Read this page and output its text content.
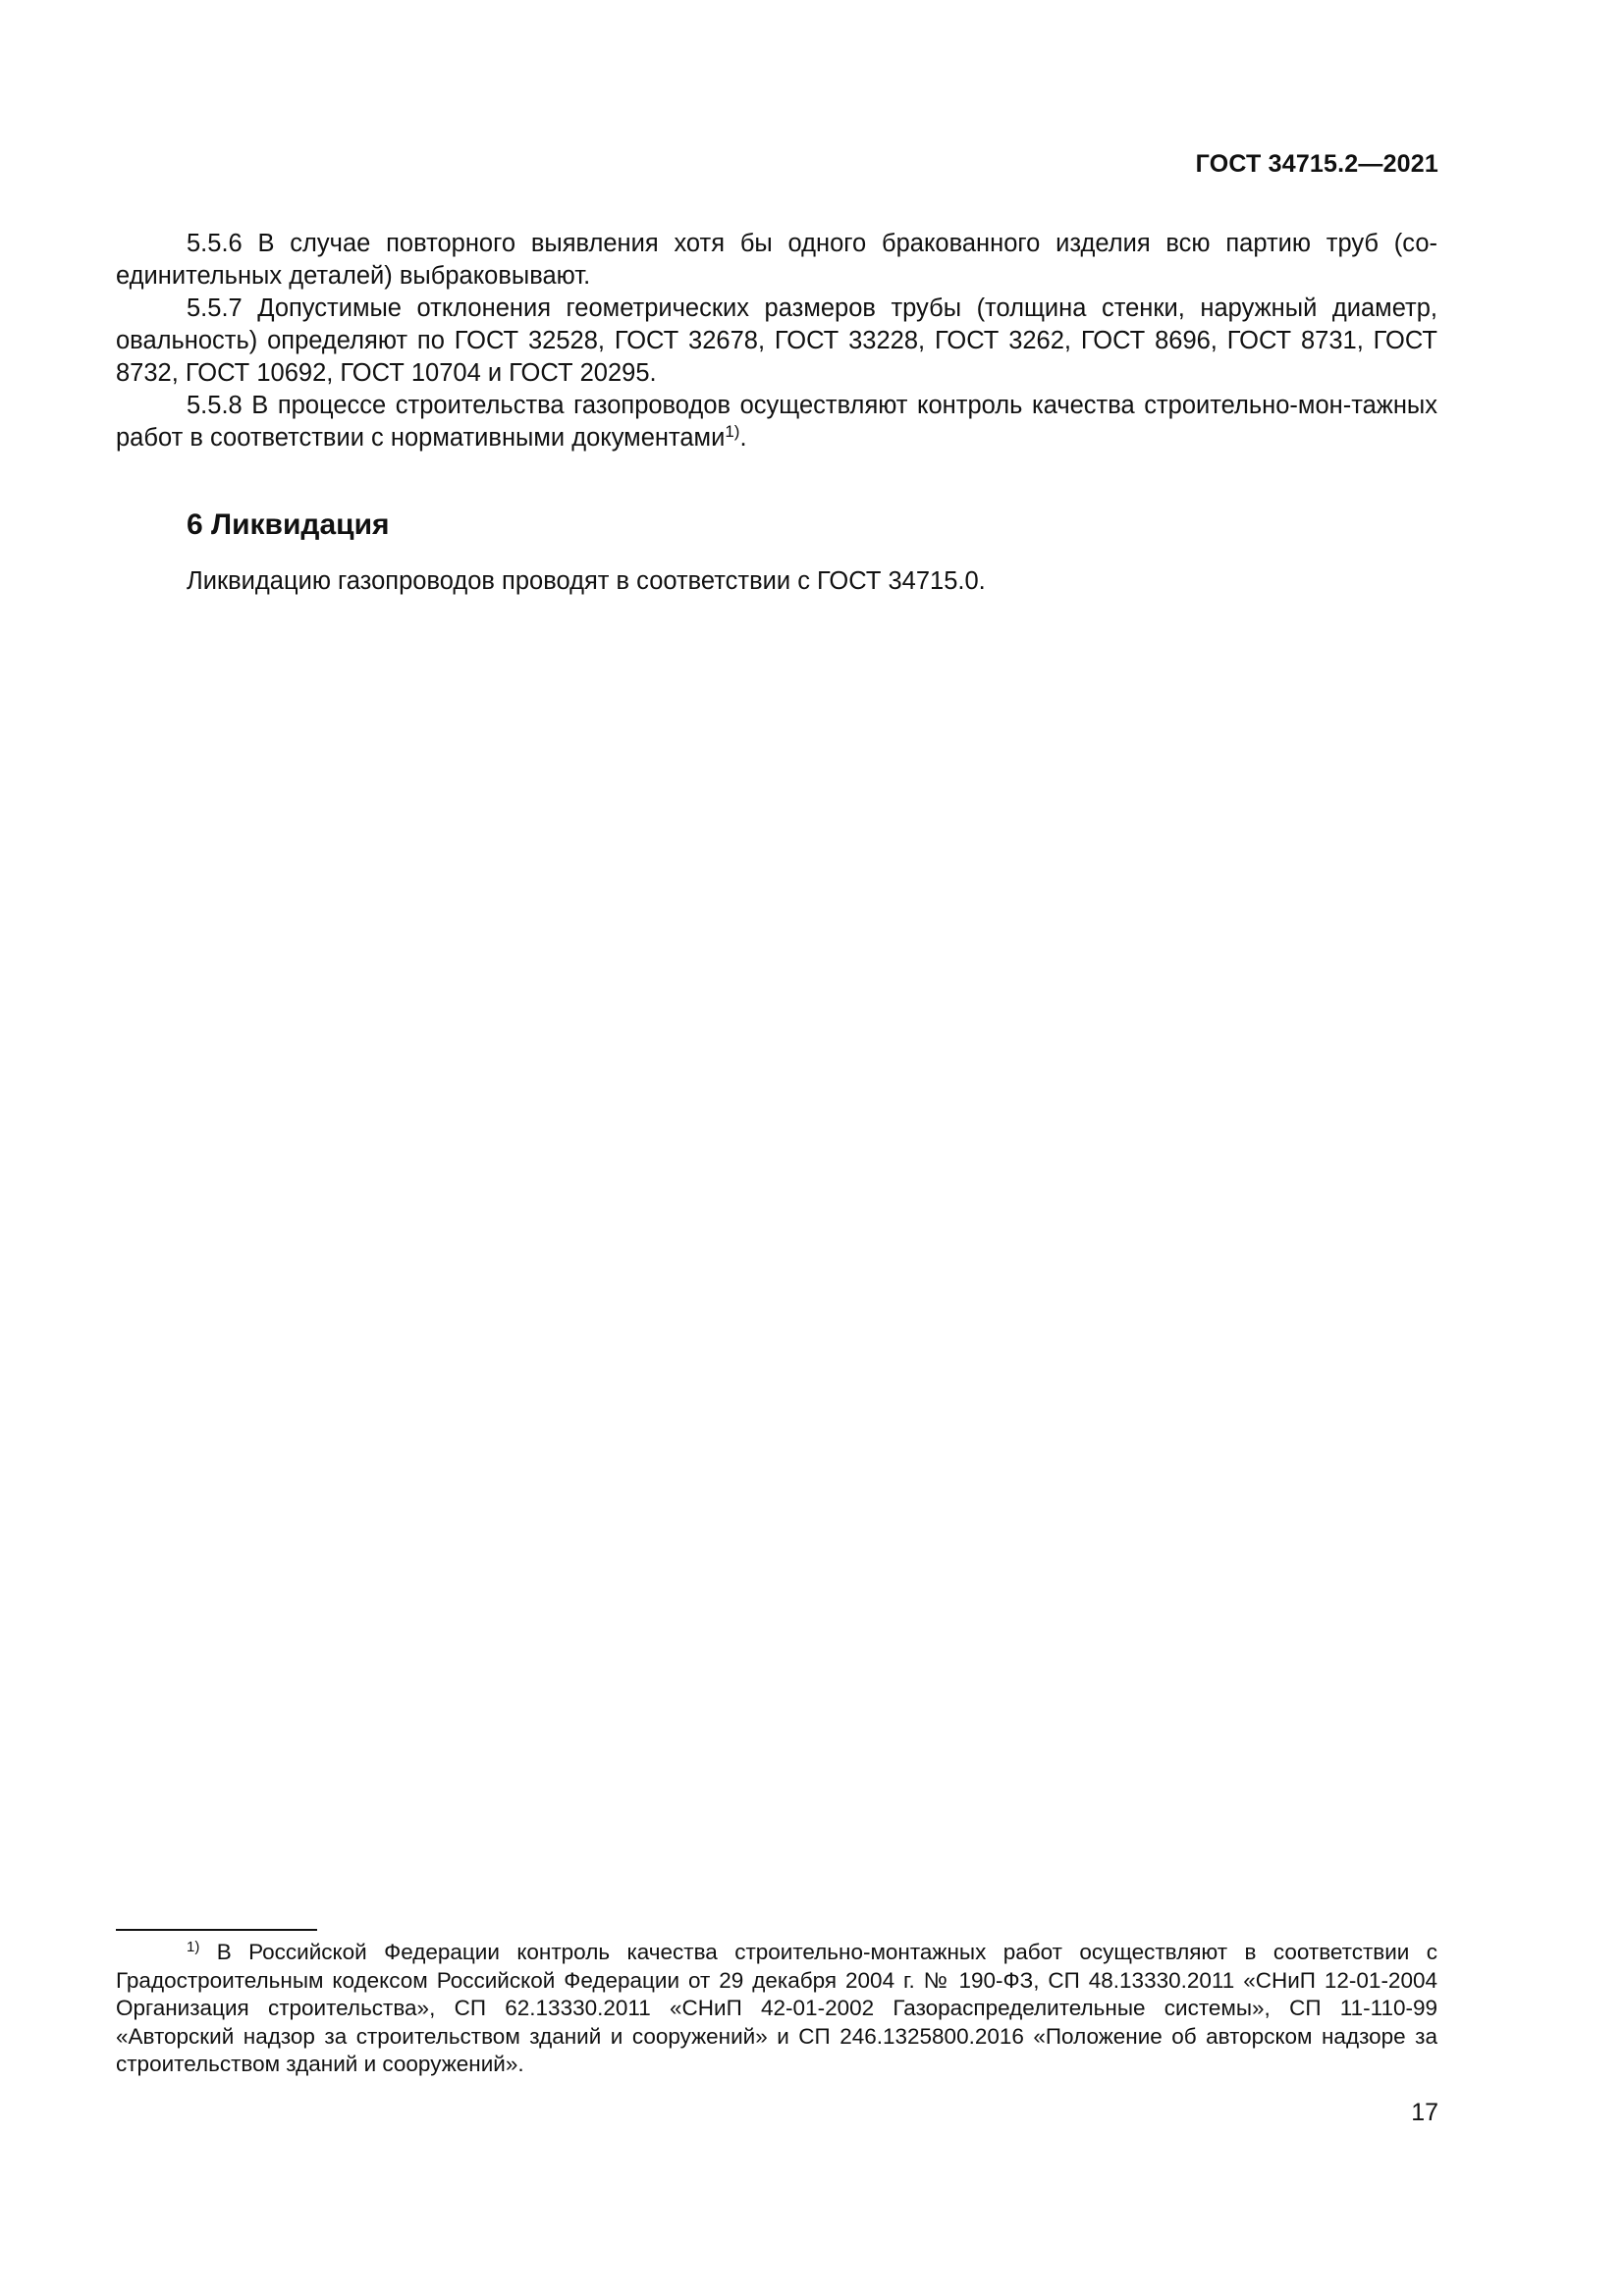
ГОСТ 34715.2—2021

5.5.6 В случае повторного выявления хотя бы одного бракованного изделия всю партию труб (со-единительных деталей) выбраковывают.

5.5.7 Допустимые отклонения геометрических размеров трубы (толщина стенки, наружный диаметр, овальность) определяют по ГОСТ 32528, ГОСТ 32678, ГОСТ 33228, ГОСТ 3262, ГОСТ 8696, ГОСТ 8731, ГОСТ 8732, ГОСТ 10692, ГОСТ 10704 и ГОСТ 20295.

5.5.8 В процессе строительства газопроводов осуществляют контроль качества строительно-мон-тажных работ в соответствии с нормативными документами$^{1)}$.

6 Ликвидация

Ликвидацию газопроводов проводят в соответствии с ГОСТ 34715.0.

$^{1)}$ В Российской Федерации контроль качества строительно-монтажных работ осуществляют в соответствии с Градостроительным кодексом Российской Федерации от 29 декабря 2004 г. № 190-ФЗ, СП 48.13330.2011 «СНиП 12-01-2004 Организация строительства», СП 62.13330.2011 «СНиП 42-01-2002 Газораспределительные системы», СП 11-110-99 «Авторский надзор за строительством зданий и сооружений» и СП 246.1325800.2016 «Положение об авторском надзоре за строительством зданий и сооружений».

17
